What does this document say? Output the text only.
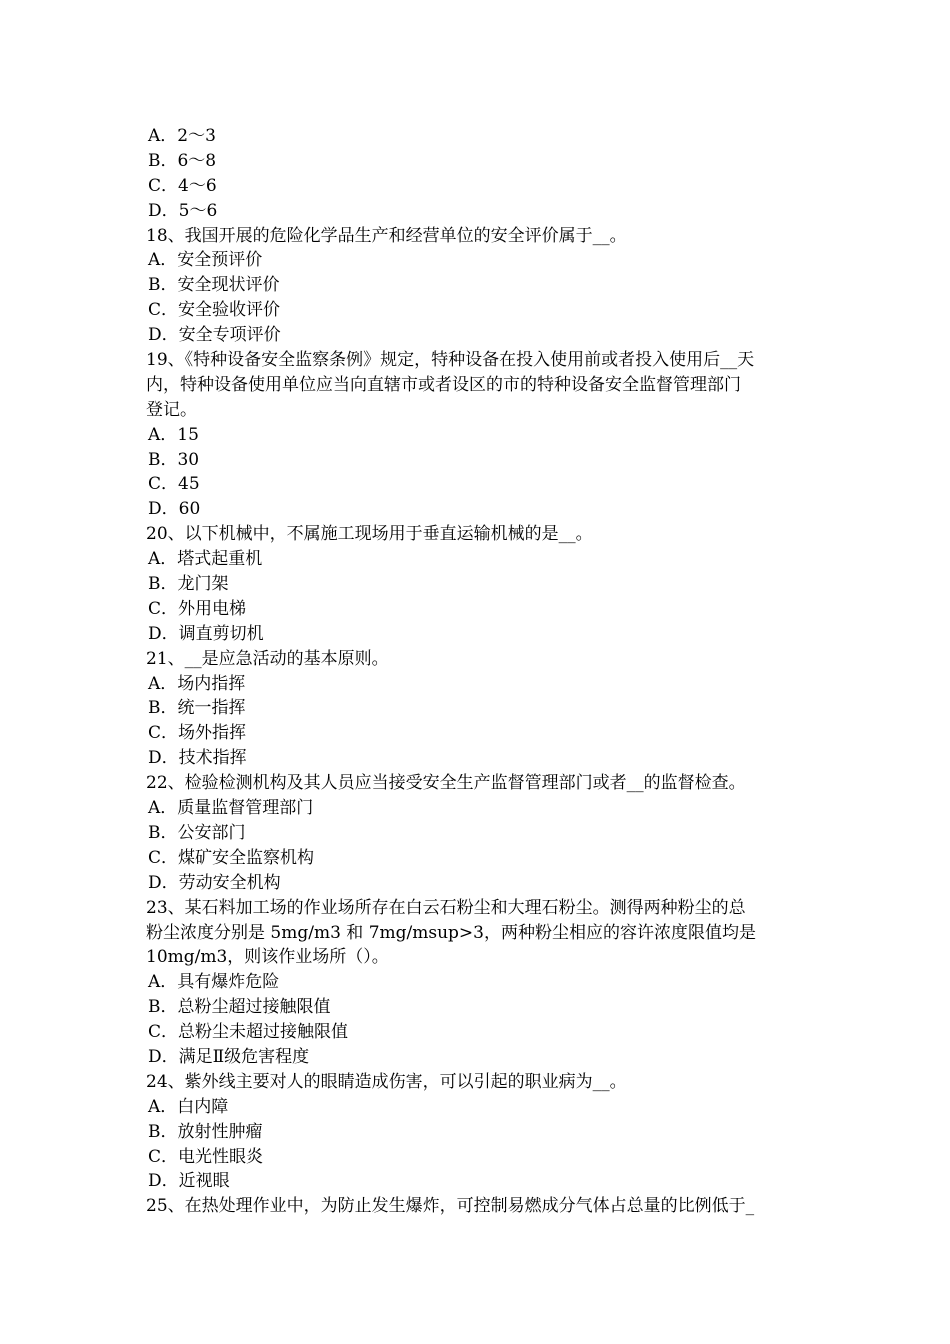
A．2～3
B．6～8
C．4～6
D．5～6
18、我国开展的危险化学品生产和经营单位的安全评价属于__。
A．安全预评价
B．安全现状评价
C．安全验收评价
D．安全专项评价
19、《特种设备安全监察条例》规定，特种设备在投入使用前或者投入使用后__天
内，特种设备使用单位应当向直辖市或者设区的市的特种设备安全监督管理部门
登记。
A．15
B．30
C．45
D．60
20、以下机械中，不属施工现场用于垂直运输机械的是__。
A．塔式起重机
B．龙门架
C．外用电梯
D．调直剪切机
21、__是应急活动的基本原则。
A．场内指挥
B．统一指挥
C．场外指挥
D．技术指挥
22、检验检测机构及其人员应当接受安全生产监督管理部门或者__的监督检查。
A．质量监督管理部门
B．公安部门
C．煤矿安全监察机构
D．劳动安全机构
23、某石料加工场的作业场所存在白云石粉尘和大理石粉尘。测得两种粉尘的总
粉尘浓度分别是 5mg/m3 和 7mg/msup>3，两种粉尘相应的容许浓度限值均是
10mg/m3，则该作业场所（）。
A．具有爆炸危险
B．总粉尘超过接触限值
C．总粉尘未超过接触限值
D．满足Ⅱ级危害程度
24、紫外线主要对人的眼睛造成伤害，可以引起的职业病为__。
A．白内障
B．放射性肿瘤
C．电光性眼炎
D．近视眼
25、在热处理作业中，为防止发生爆炸，可控制易燃成分气体占总量的比例低于_
